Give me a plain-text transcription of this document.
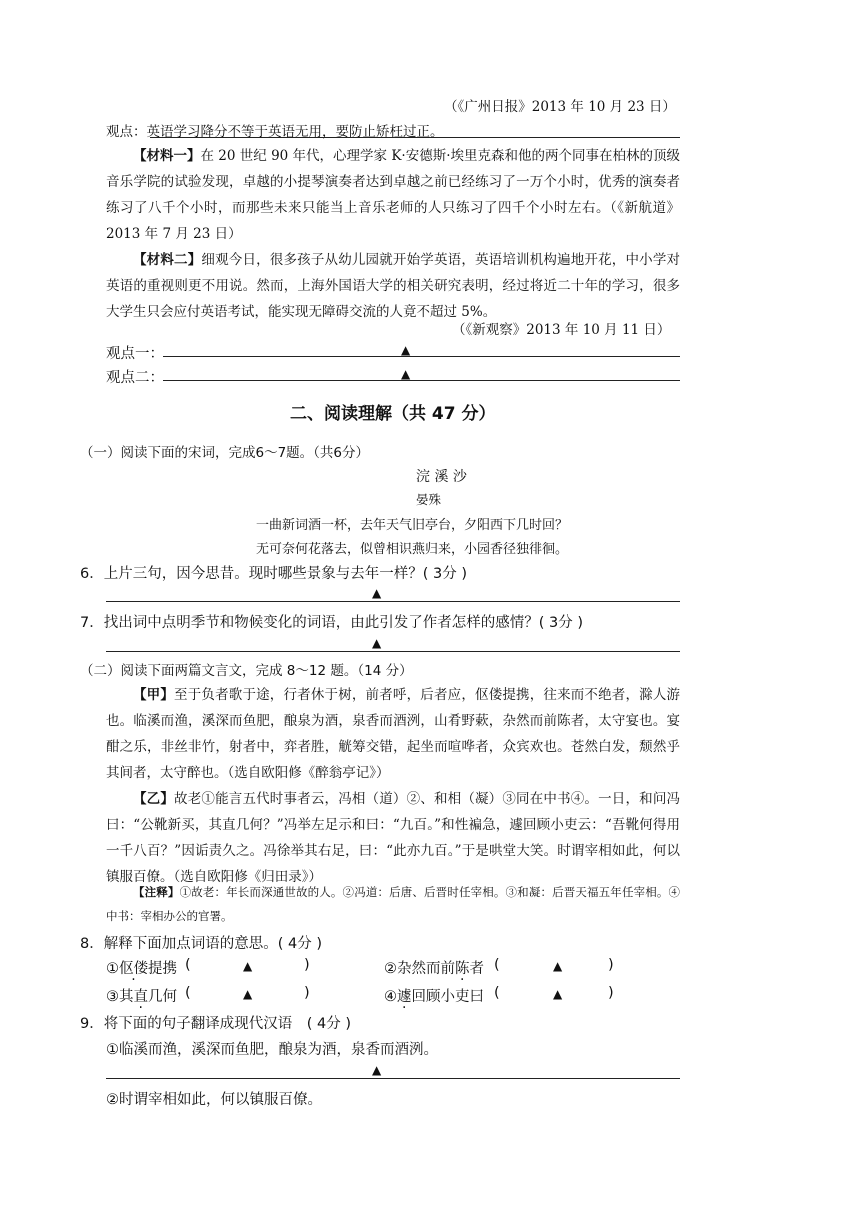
（《广州日报》2013 年 10 月 23 日）
观点：英语学习降分不等于英语无用，要防止矫枉过正。
【材料一】在 20 世纪 90 年代，心理学家 K·安德斯·埃里克森和他的两个同事在柏林的顶级音乐学院的试验发现，卓越的小提琴演奏者达到卓越之前已经练习了一万个小时，优秀的演奏者练习了八千个小时，而那些未来只能当上音乐老师的人只练习了四千个小时左右。（《新航道》2013 年 7 月 23 日）
【材料二】细观今日，很多孩子从幼儿园就开始学英语，英语培训机构遍地开花，中小学对英语的重视则更不用说。然而，上海外国语大学的相关研究表明，经过将近二十年的学习，很多大学生只会应付英语考试，能实现无障碍交流的人竟不超过 5%。
（《新观察》2013 年 10 月 11 日）
观点一：	▲
观点二：	▲
二、阅读理解（共 47 分）
（一）阅读下面的宋词，完成6～7题。（共6分）
浣 溪 沙
晏殊
一曲新词酒一杯，去年天气旧亭台，夕阳西下几时回？
无可奈何花落去，似曾相识燕归来，小园香径独徘徊。
6．上片三句，因今思昔。现时哪些景象与去年一样？( 3分 )
▲
7．找出词中点明季节和物候变化的词语，由此引发了作者怎样的感情？( 3分 )
▲
（二）阅读下面两篇文言文，完成 8～12 题。（14 分）
【甲】至于负者歌于途，行者休于树，前者呼，后者应，伛偻提携，往来而不绝者，滁人游也。临溪而渔，溪深而鱼肥，酿泉为酒，泉香而酒洌，山肴野蔌，杂然而前陈者，太守宴也。宴酣之乐，非丝非竹，射者中，弈者胜，觥筹交错，起坐而喧哗者，众宾欢也。苍然白发，颓然乎其间者，太守醉也。（选自欧阳修《醉翁亭记》）
【乙】故老①能言五代时事者云，冯相（道）②、和相（凝）③同在中书④。一日，和问冯曰：“公靴新买，其直几何？”冯举左足示和曰：“九百。”和性褊急，遽回顾小吏云：“吾靴何得用一千八百？”因诟责久之。冯徐举其右足，曰：“此亦九百。”于是哄堂大笑。时谓宰相如此，何以镇服百僚。（选自欧阳修《归田录》）
【注释】①故老：年长而深通世故的人。②冯道：后唐、后晋时任宰相。③和凝：后晋天福五年任宰相。④中书：宰相办公的官署。
8．解释下面加点词语的意思。( 4分 )
①伛偻提携 (	▲	)	②杂然而前陈者 (	▲	)
③其直几何 (	▲	)	④遽回顾小吏曰 (	▲	)
9．将下面的句子翻译成现代汉语　( 4分 )
①临溪而渔，溪深而鱼肥，酿泉为酒，泉香而酒洌。
▲
②时谓宰相如此，何以镇服百僚。
